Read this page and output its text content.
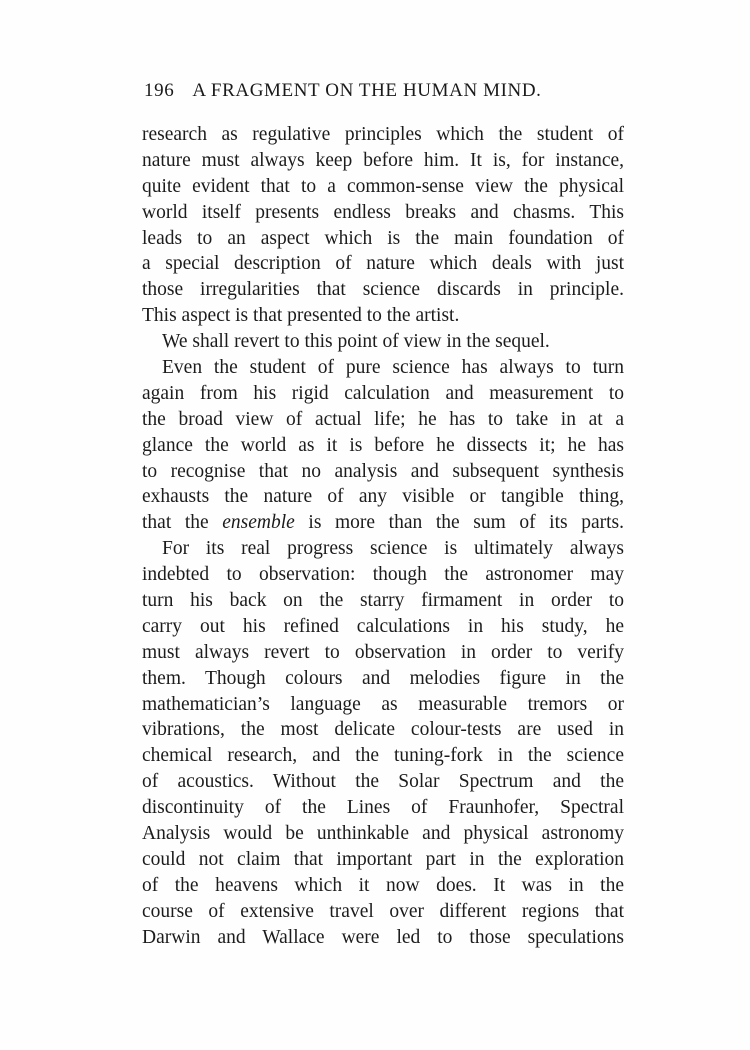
196 A FRAGMENT ON THE HUMAN MIND.
research as regulative principles which the student of
nature must always keep before him. It is, for instance,
quite evident that to a common-sense view the physical
world itself presents endless breaks and chasms. This
leads to an aspect which is the main foundation of
a special description of nature which deals with just
those irregularities that science discards in principle.
This aspect is that presented to the artist.
We shall revert to this point of view in the sequel.
Even the student of pure science has always to turn
again from his rigid calculation and measurement to
the broad view of actual life; he has to take in at a
glance the world as it is before he dissects it; he has
to recognise that no analysis and subsequent synthesis
exhausts the nature of any visible or tangible thing,
that the ensemble is more than the sum of its parts.
For its real progress science is ultimately always
indebted to observation: though the astronomer may
turn his back on the starry firmament in order to
carry out his refined calculations in his study, he
must always revert to observation in order to verify
them. Though colours and melodies figure in the
mathematician’s language as measurable tremors or
vibrations, the most delicate colour-tests are used in
chemical research, and the tuning-fork in the science
of acoustics. Without the Solar Spectrum and the
discontinuity of the Lines of Fraunhofer, Spectral
Analysis would be unthinkable and physical astronomy
could not claim that important part in the exploration
of the heavens which it now does. It was in the
course of extensive travel over different regions that
Darwin and Wallace were led to those speculations
